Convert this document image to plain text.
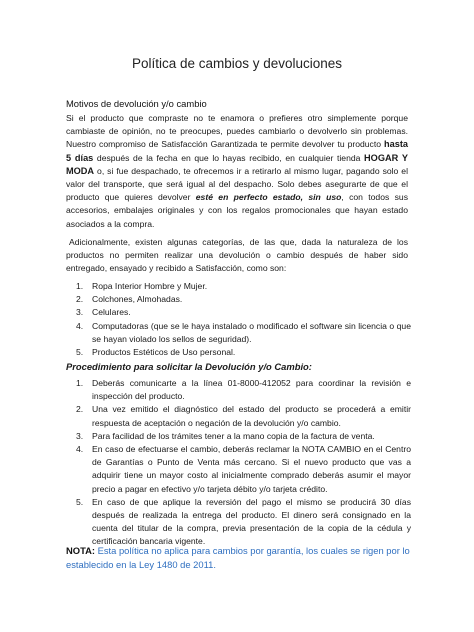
Política de cambios y devoluciones
Motivos de devolución y/o cambio
Si el producto que compraste no te enamora o prefieres otro simplemente porque cambiaste de opinión, no te preocupes, puedes cambiarlo o devolverlo sin problemas. Nuestro compromiso de Satisfacción Garantizada te permite devolver tu producto hasta 5 días después de la fecha en que lo hayas recibido, en cualquier tienda HOGAR Y MODA o, si fue despachado, te ofrecemos ir a retirarlo al mismo lugar, pagando solo el valor del transporte, que será igual al del despacho. Solo debes asegurarte de que el producto que quieres devolver esté en perfecto estado, sin uso, con todos sus accesorios, embalajes originales y con los regalos promocionales que hayan estado asociados a la compra.
Adicionalmente, existen algunas categorías, de las que, dada la naturaleza de los productos no permiten realizar una devolución o cambio después de haber sido entregado, ensayado y recibido a Satisfacción, como son:
1. Ropa Interior Hombre y Mujer.
2. Colchones, Almohadas.
3. Celulares.
4. Computadoras (que se le haya instalado o modificado el software sin licencia o que se hayan violado los sellos de seguridad).
5. Productos Estéticos de Uso personal.
Procedimiento para solicitar la Devolución y/o Cambio:
1. Deberás comunicarte a la línea 01-8000-412052 para coordinar la revisión e inspección del producto.
2. Una vez emitido el diagnóstico del estado del producto se procederá a emitir respuesta de aceptación o negación de la devolución y/o cambio.
3. Para facilidad de los trámites tener a la mano copia de la factura de venta.
4. En caso de efectuarse el cambio, deberás reclamar la NOTA CAMBIO en el Centro de Garantías o Punto de Venta más cercano. Si el nuevo producto que vas a adquirir tiene un mayor costo al inicialmente comprado deberás asumir el mayor precio a pagar en efectivo y/o tarjeta débito y/o tarjeta crédito.
5. En caso de que aplique la reversión del pago el mismo se producirá 30 días después de realizada la entrega del producto. El dinero será consignado en la cuenta del titular de la compra, previa presentación de la copia de la cédula y certificación bancaria vigente.
NOTA: Esta política no aplica para cambios por garantía, los cuales se rigen por lo establecido en la Ley 1480 de 2011.
